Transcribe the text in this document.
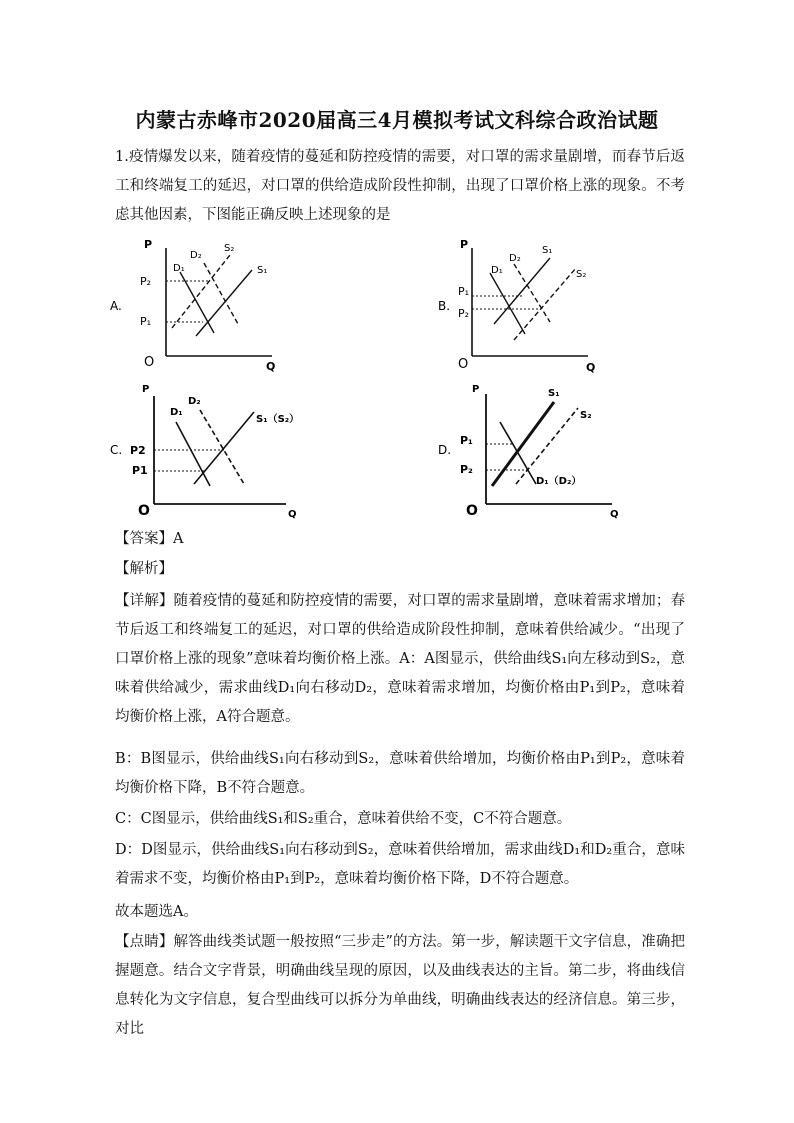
内蒙古赤峰市2020届高三4月模拟考试文科综合政治试题

1.疫情爆发以来，随着疫情的蔓延和防控疫情的需要，对口罩的需求量剧增，而春节后返工和终端复工的延迟，对口罩的供给造成阶段性抑制，出现了口罩价格上涨的现象。不考虑其他因素，下图能正确反映上述现象的是

A.
P
Q
O
P₂
P₁
D₁
D₂
S₂
S₁
B.
P
Q
O
P₁
P₂
D₁
D₂
S₁
S₂
C.
P
Q
O
P2
P1
D₁
D₂
S₁（S₂）
D.
P
Q
O
P₁
P₂
S₁
S₂
D₁（D₂）
【答案】A
【解析】

【详解】随着疫情的蔓延和防控疫情的需要，对口罩的需求量剧增，意味着需求增加；春节后返工和终端复工的延迟，对口罩的供给造成阶段性抑制，意味着供给减少。“出现了口罩价格上涨的现象”意味着均衡价格上涨。A：A图显示，供给曲线S₁向左移动到S₂，意味着供给减少，需求曲线D₁向右移动D₂，意味着需求增加，均衡价格由P₁到P₂，意味着均衡价格上涨，A符合题意。

B：B图显示，供给曲线S₁向右移动到S₂，意味着供给增加，均衡价格由P₁到P₂，意味着均衡价格下降，B不符合题意。

C：C图显示，供给曲线S₁和S₂重合，意味着供给不变，C不符合题意。

D：D图显示，供给曲线S₁向右移动到S₂，意味着供给增加，需求曲线D₁和D₂重合，意味着需求不变，均衡价格由P₁到P₂，意味着均衡价格下降，D不符合题意。

故本题选A。

【点睛】解答曲线类试题一般按照“三步走”的方法。第一步，解读题干文字信息，准确把握题意。结合文字背景，明确曲线呈现的原因，以及曲线表达的主旨。第二步，将曲线信息转化为文字信息，复合型曲线可以拆分为单曲线，明确曲线表达的经济信息。第三步，对比
